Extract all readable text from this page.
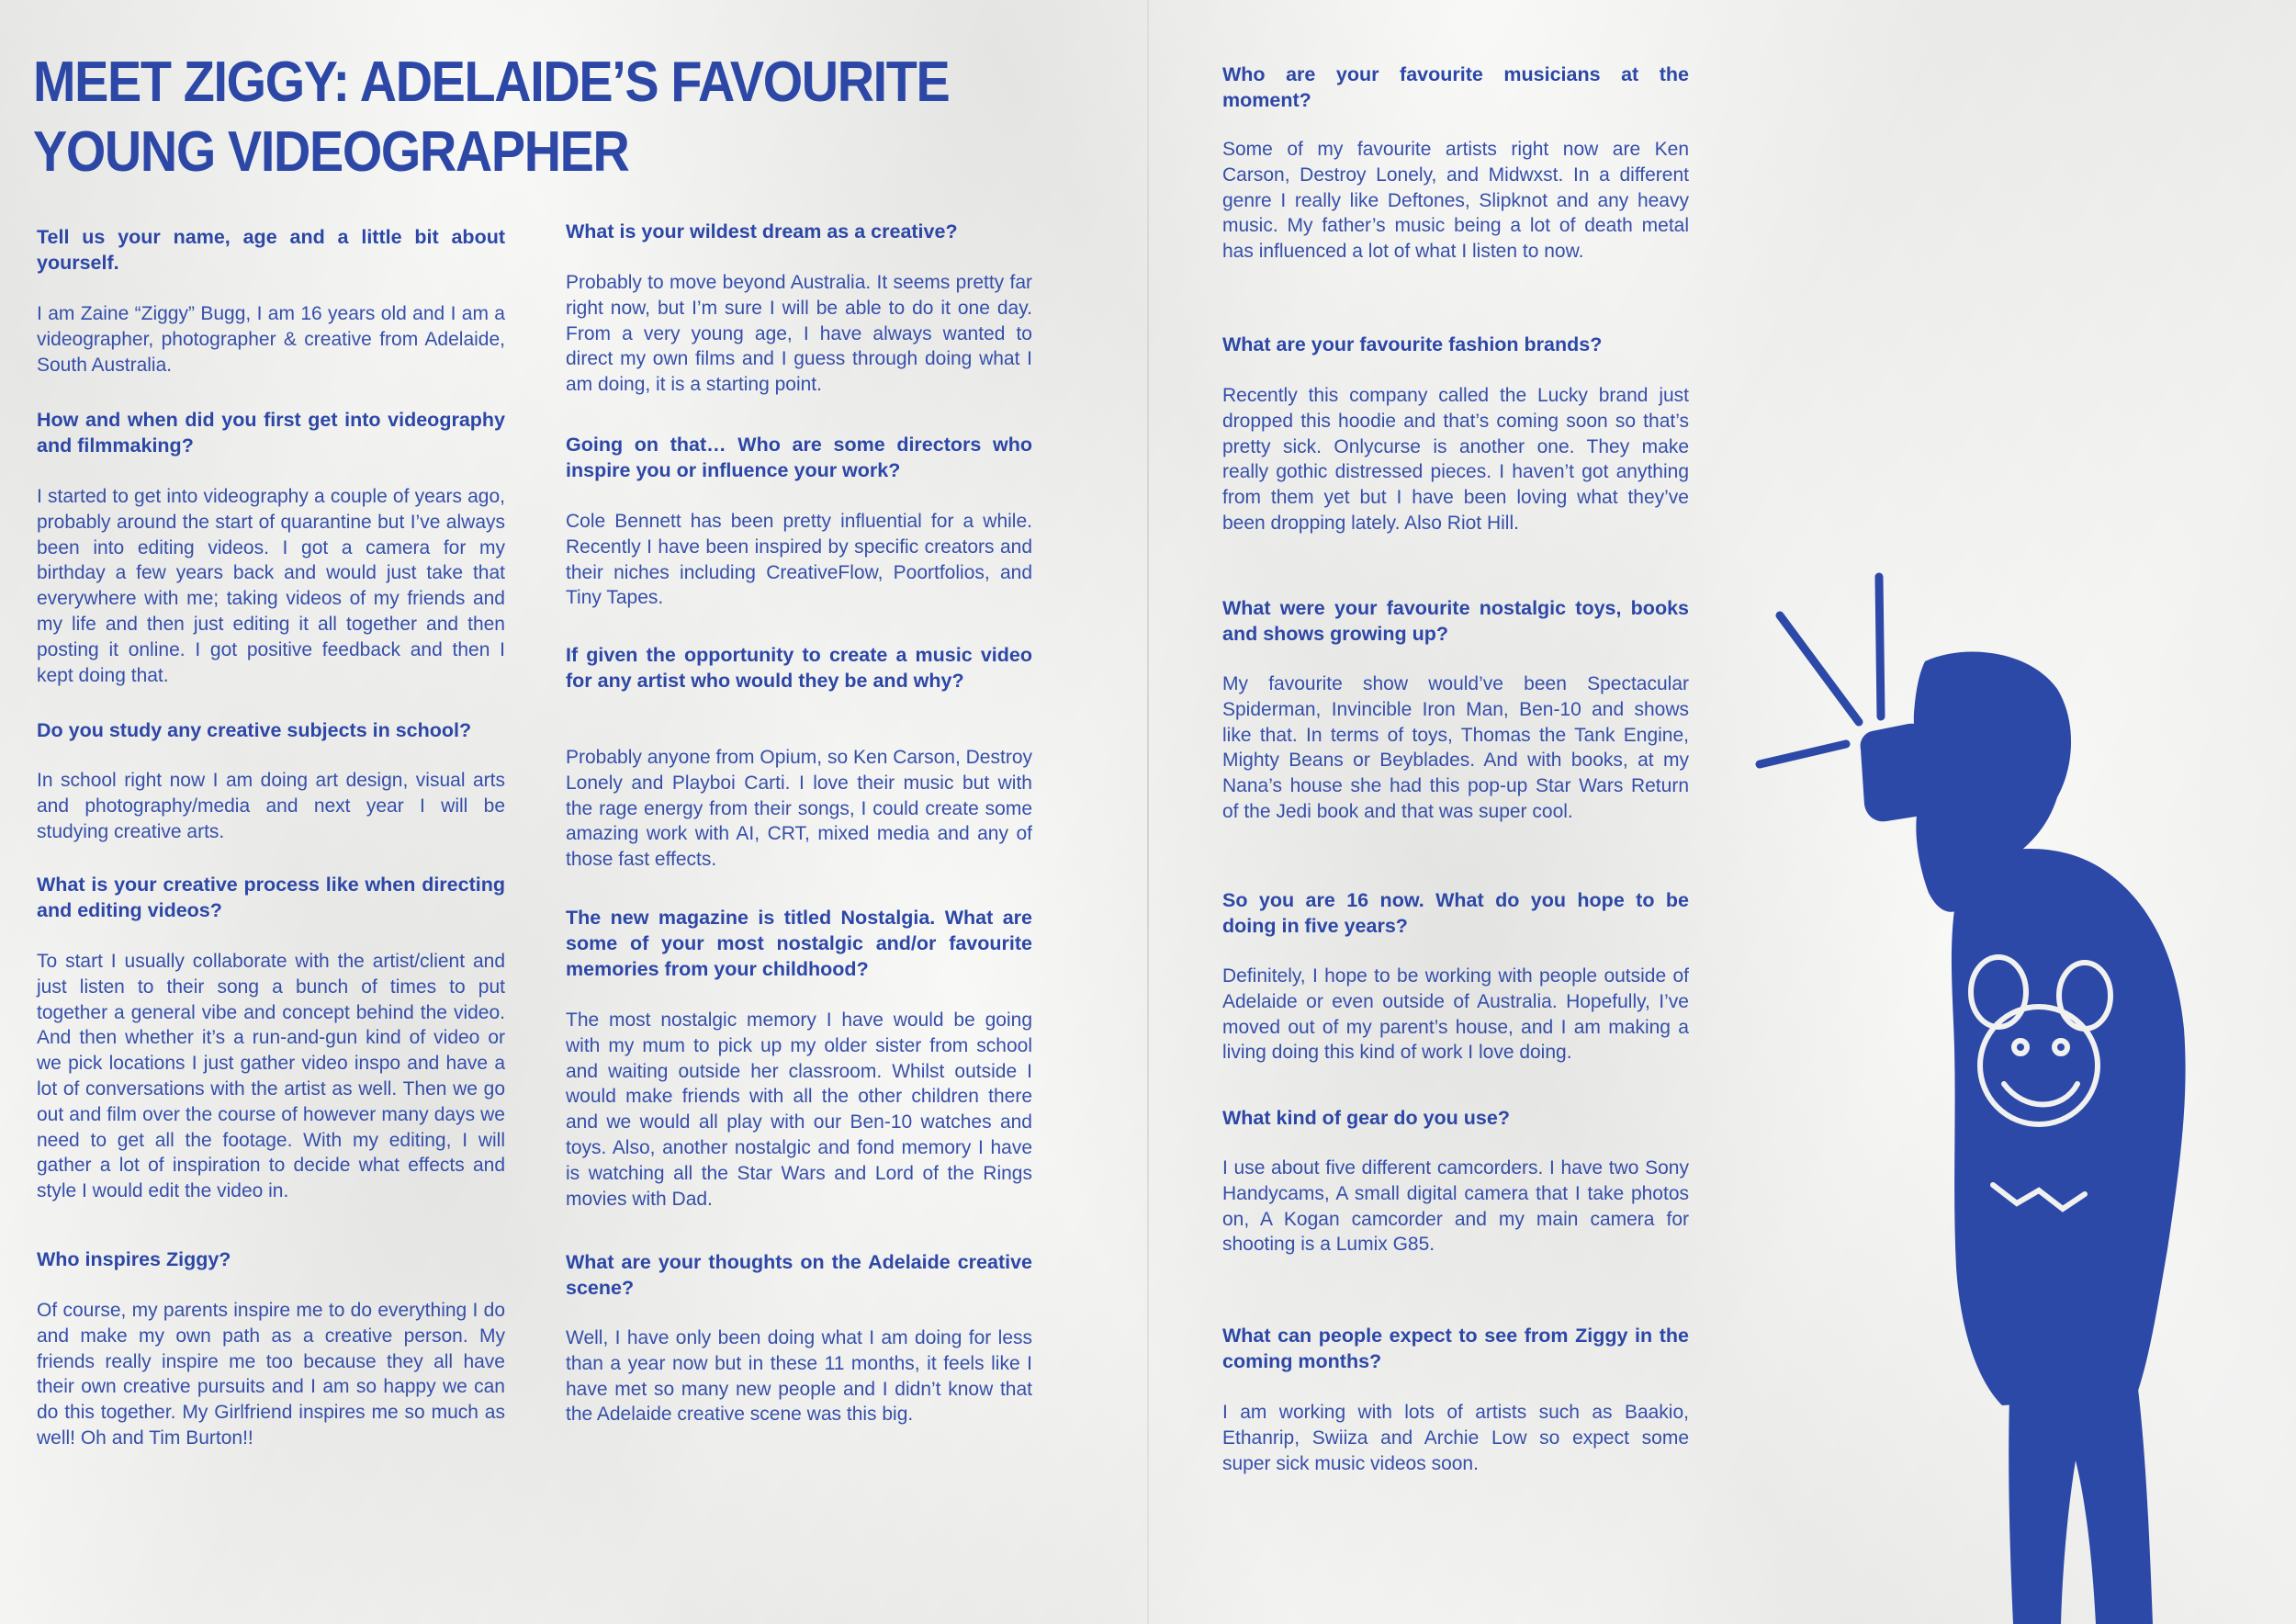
MEET ZIGGY: ADELAIDE’S FAVOURITE YOUNG VIDEOGRAPHER

Tell us your name, age and a little bit about yourself.

I am Zaine “Ziggy” Bugg, I am 16 years old and I am a videographer, photographer & creative from Adelaide, South Australia.

How and when did you first get into videography and filmmaking?

I started to get into videography a couple of years ago, probably around the start of quarantine but I’ve always been into editing videos. I got a camera for my birthday a few years back and would just take that everywhere with me; taking videos of my friends and my life and then just editing it all together and then posting it online. I got positive feedback and then I kept doing that.

Do you study any creative subjects in school?

In school right now I am doing art design, visual arts and photography/media and next year I will be studying creative arts.

What is your creative process like when directing and editing videos?

To start I usually collaborate with the artist/client and just listen to their song a bunch of times to put together a general vibe and concept behind the video. And then whether it’s a run-and-gun kind of video or we pick locations I just gather video inspo and have a lot of conversations with the artist as well. Then we go out and film over the course of however many days we need to get all the footage. With my editing, I will gather a lot of inspiration to decide what effects and style I would edit the video in.

Who inspires Ziggy?

Of course, my parents inspire me to do everything I do and make my own path as a creative person. My friends really inspire me too because they all have their own creative pursuits and I am so happy we can do this together. My Girlfriend inspires me so much as well! Oh and Tim Burton!!

What is your wildest dream as a creative?

Probably to move beyond Australia. It seems pretty far right now, but I’m sure I will be able to do it one day. From a very young age, I have always wanted to direct my own films and I guess through doing what I am doing, it is a starting point.

Going on that… Who are some directors who inspire you or influence your work?

Cole Bennett has been pretty influential for a while. Recently I have been inspired by specific creators and their niches including CreativeFlow, Poortfolios, and Tiny Tapes.

If given the opportunity to create a music video for any artist who would they be and why?

Probably anyone from Opium, so Ken Carson, Destroy Lonely and Playboi Carti. I love their music but with the rage energy from their songs, I could create some amazing work with AI, CRT, mixed media and any of those fast effects.

The new magazine is titled Nostalgia. What are some of your most nostalgic and/or favourite memories from your childhood?

The most nostalgic memory I have would be going with my mum to pick up my older sister from school and waiting outside her classroom. Whilst outside I would make friends with all the other children there and we would all play with our Ben-10 watches and toys. Also, another nostalgic and fond memory I have is watching all the Star Wars and Lord of the Rings movies with Dad.

What are your thoughts on the Adelaide creative scene?

Well, I have only been doing what I am doing for less than a year now but in these 11 months, it feels like I have met so many new people and I didn’t know that the Adelaide creative scene was this big.

Who are your favourite musicians at the moment?

Some of my favourite artists right now are Ken Carson, Destroy Lonely, and Midwxst. In a different genre I really like Deftones, Slipknot and any heavy music. My father’s music being a lot of death metal has influenced a lot of what I listen to now.

What are your favourite fashion brands?

Recently this company called the Lucky brand just dropped this hoodie and that’s coming soon so that’s pretty sick. Onlycurse is another one. They make really gothic distressed pieces. I haven’t got anything from them yet but I have been loving what they’ve been dropping lately. Also Riot Hill.

What were your favourite nostalgic toys, books and shows growing up?

My favourite show would’ve been Spectacular Spiderman, Invincible Iron Man, Ben-10 and shows like that. In terms of toys, Thomas the Tank Engine, Mighty Beans or Beyblades. And with books, at my Nana’s house she had this pop-up Star Wars Return of the Jedi book and that was super cool.

So you are 16 now. What do you hope to be doing in five years?

Definitely, I hope to be working with people outside of Adelaide or even outside of Australia. Hopefully, I’ve moved out of my parent’s house, and I am making a living doing this kind of work I love doing.

What kind of gear do you use?

I use about five different camcorders. I have two Sony Handycams, A small digital camera that I take photos on, A Kogan camcorder and my main camera for shooting is a Lumix G85.

What can people expect to see from Ziggy in the coming months?

I am working with lots of artists such as Baakio, Ethanrip, Swiiza and Archie Low so expect some super sick music videos soon.
